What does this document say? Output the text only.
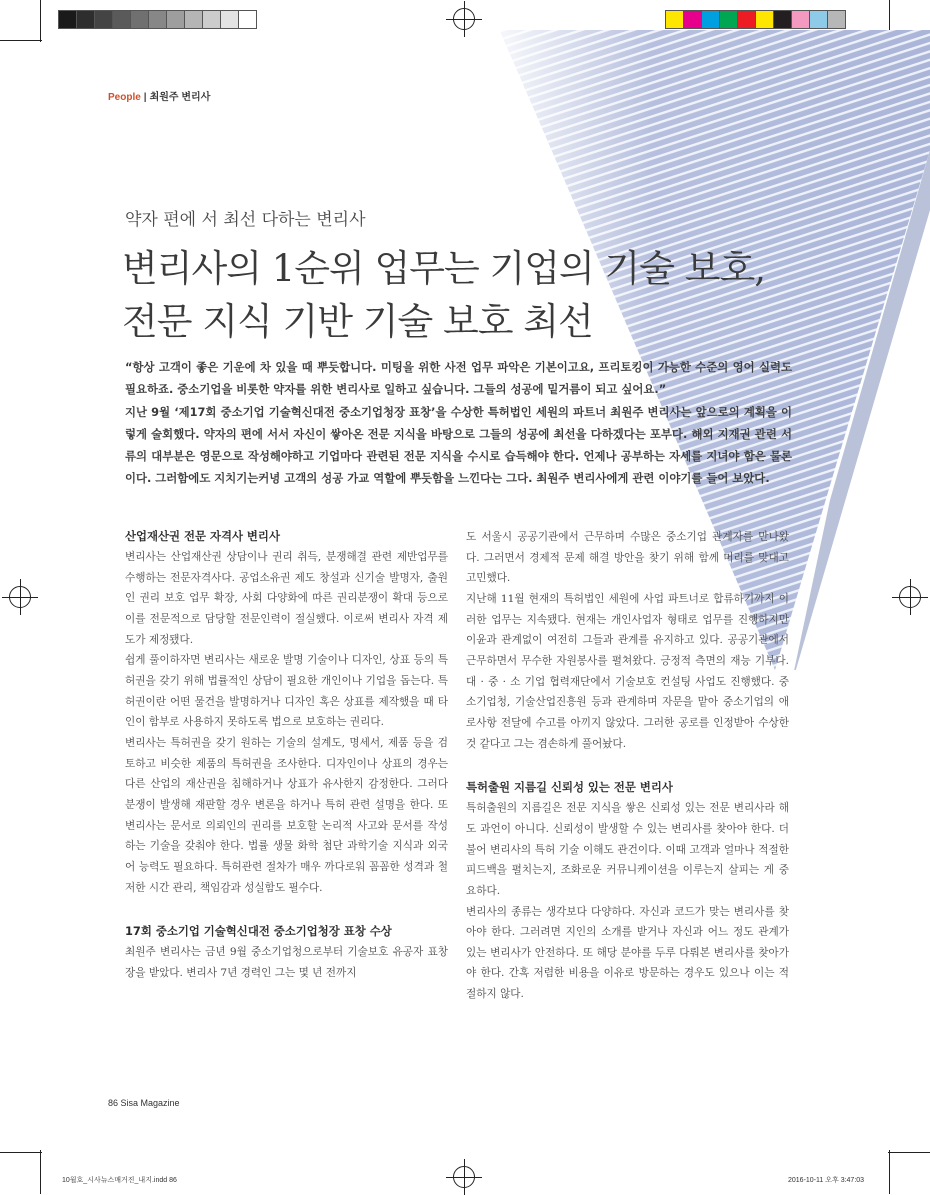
People | 최원주 변리사
약자 편에 서 최선 다하는 변리사
변리사의 1순위 업무는 기업의 기술 보호,
전문 지식 기반 기술 보호 최선

“항상 고객이 좋은 기운에 차 있을 때 뿌듯합니다. 미팅을 위한 사전 업무 파악은 기본이고요, 프리토킹이 가능한 수준의 영어 실력도 필요하죠. 중소기업을 비롯한 약자를 위한 변리사로 일하고 싶습니다. 그들의 성공에 밑거름이 되고 싶어요.”

지난 9월 ‘제17회 중소기업 기술혁신대전 중소기업청장 표창’을 수상한 특허법인 세원의 파트너 최원주 변리사는 앞으로의 계획을 이렇게 술회했다. 약자의 편에 서서 자신이 쌓아온 전문 지식을 바탕으로 그들의 성공에 최선을 다하겠다는 포부다. 해외 지재권 관련 서류의 대부분은 영문으로 작성해야하고 기업마다 관련된 전문 지식을 수시로 습득해야 한다. 언제나 공부하는 자세를 지녀야 함은 물론이다. 그러함에도 지치기는커녕 고객의 성공 가교 역할에 뿌듯함을 느낀다는 그다. 최원주 변리사에게 관련 이야기를 들어 보았다.

산업재산권 전문 자격사 변리사

변리사는 산업재산권 상담이나 권리 취득, 분쟁해결 관련 제반업무를 수행하는 전문자격사다. 공업소유권 제도 창설과 신기술 발명자, 출원인 권리 보호 업무 확장, 사회 다양화에 따른 권리분쟁이 확대 등으로 이를 전문적으로 담당할 전문인력이 절실했다. 이로써 변리사 자격 제도가 제정됐다.

쉽게 풀이하자면 변리사는 새로운 발명 기술이나 디자인, 상표 등의 특허권을 갖기 위해 법률적인 상담이 필요한 개인이나 기업을 돕는다. 특허권이란 어떤 물건을 발명하거나 디자인 혹은 상표를 제작했을 때 타인이 함부로 사용하지 못하도록 법으로 보호하는 권리다.

변리사는 특허권을 갖기 원하는 기술의 설계도, 명세서, 제품 등을 검토하고 비슷한 제품의 특허권을 조사한다. 디자인이나 상표의 경우는 다른 산업의 재산권을 침해하거나 상표가 유사한지 감정한다. 그러다 분쟁이 발생해 재판할 경우 변론을 하거나 특허 관련 설명을 한다. 또 변리사는 문서로 의뢰인의 권리를 보호할 논리적 사고와 문서를 작성하는 기술을 갖춰야 한다. 법률 생물 화학 첨단 과학기술 지식과 외국어 능력도 필요하다. 특허관련 절차가 매우 까다로워 꼼꼼한 성격과 철저한 시간 관리, 책임감과 성실함도 필수다.

17회 중소기업 기술혁신대전 중소기업청장 표창 수상

최원주 변리사는 금년 9월 중소기업청으로부터 기술보호 유공자 표창장을 받았다. 변리사 7년 경력인 그는 몇 년 전까지

도 서울시 공공기관에서 근무하며 수많은 중소기업 관계자를 만나왔다. 그러면서 경제적 문제 해결 방안을 찾기 위해 함께 머리를 맞대고 고민했다.

지난해 11월 현재의 특허법인 세원에 사업 파트너로 합류하기까지 이러한 업무는 지속됐다. 현재는 개인사업자 형태로 업무를 진행하지만 이윤과 관계없이 여전히 그들과 관계를 유지하고 있다. 공공기관에서 근무하면서 무수한 자원봉사를 펼쳐왔다. 긍정적 측면의 재능 기부다. 대 · 중 · 소 기업 협력재단에서 기술보호 컨설팅 사업도 진행했다. 중소기업청, 기술산업진흥원 등과 관계하며 자문을 맡아 중소기업의 애로사항 전달에 수고를 아끼지 않았다. 그러한 공로를 인정받아 수상한 것 같다고 그는 겸손하게 풀어놨다.

특허출원 지름길 신뢰성 있는 전문 변리사

특허출원의 지름길은 전문 지식을 쌓은 신뢰성 있는 전문 변리사라 해도 과언이 아니다. 신뢰성이 발생할 수 있는 변리사를 찾아야 한다. 더불어 변리사의 특허 기술 이해도 관건이다. 이때 고객과 얼마나 적절한 피드백을 펼치는지, 조화로운 커뮤니케이션을 이루는지 살피는 게 중요하다.

변리사의 종류는 생각보다 다양하다. 자신과 코드가 맞는 변리사를 찾아야 한다. 그러려면 지인의 소개를 받거나 자신과 어느 정도 관계가 있는 변리사가 안전하다. 또 해당 분야를 두루 다뤄본 변리사를 찾아가야 한다. 간혹 저렴한 비용을 이유로 방문하는 경우도 있으나 이는 적절하지 않다.

86 Sisa Magazine
10월호_시사뉴스매거진_내지.indd 86	2016-10-11 오후 3:47:03
